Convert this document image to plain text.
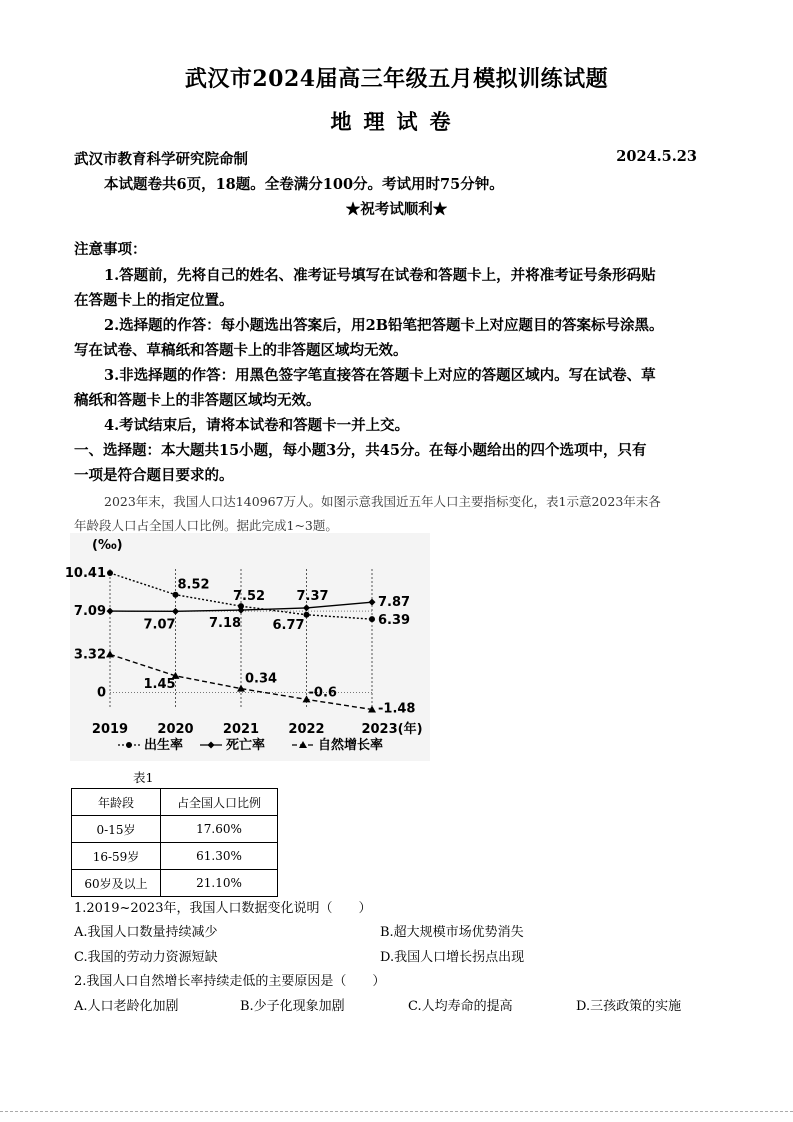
武汉市2024届高三年级五月模拟训练试题
地理试卷
武汉市教育科学研究院命制	2024.5.23
本试题卷共6页，18题。全卷满分100分。考试用时75分钟。
★祝考试顺利★
注意事项：
1.答题前，先将自己的姓名、准考证号填写在试卷和答题卡上，并将准考证号条形码贴
在答题卡上的指定位置。
2.选择题的作答：每小题选出答案后，用2B铅笔把答题卡上对应题目的答案标号涂黑。
写在试卷、草稿纸和答题卡上的非答题区域均无效。
3.非选择题的作答：用黑色签字笔直接答在答题卡上对应的答题区域内。写在试卷、草
稿纸和答题卡上的非答题区域均无效。
4.考试结束后，请将本试卷和答题卡一并上交。
一、选择题：本大题共15小题，每小题3分，共45分。在每小题给出的四个选项中，只有
一项是符合题目要求的。
2023年末，我国人口达140967万人。如图示意我国近五年人口主要指标变化，表1示意2023年末各
年龄段人口占全国人口比例。据此完成1~3题。
(‰)
10.41
7.09
3.32
0
2019 2020 2021 2022	2023(年)
8.52
7.52
6.39
7.07	7.18
7.37	7.87
6.77
1.45	0.34
-0.6
-1.48
出生率	死亡率	自然增长率
表1
年龄段	占全国人口比例
0-15岁	17.60%
16-59岁	61.30%
60岁及以上	21.10%
1.2019~2023年，我国人口数据变化说明（　　）
A.我国人口数量持续减少	B.超大规模市场优势消失
C.我国的劳动力资源短缺	D.我国人口增长拐点出现
2.我国人口自然增长率持续走低的主要原因是（　　）
A.人口老龄化加剧	B.少子化现象加剧	C.人均寿命的提高	D.三孩政策的实施
